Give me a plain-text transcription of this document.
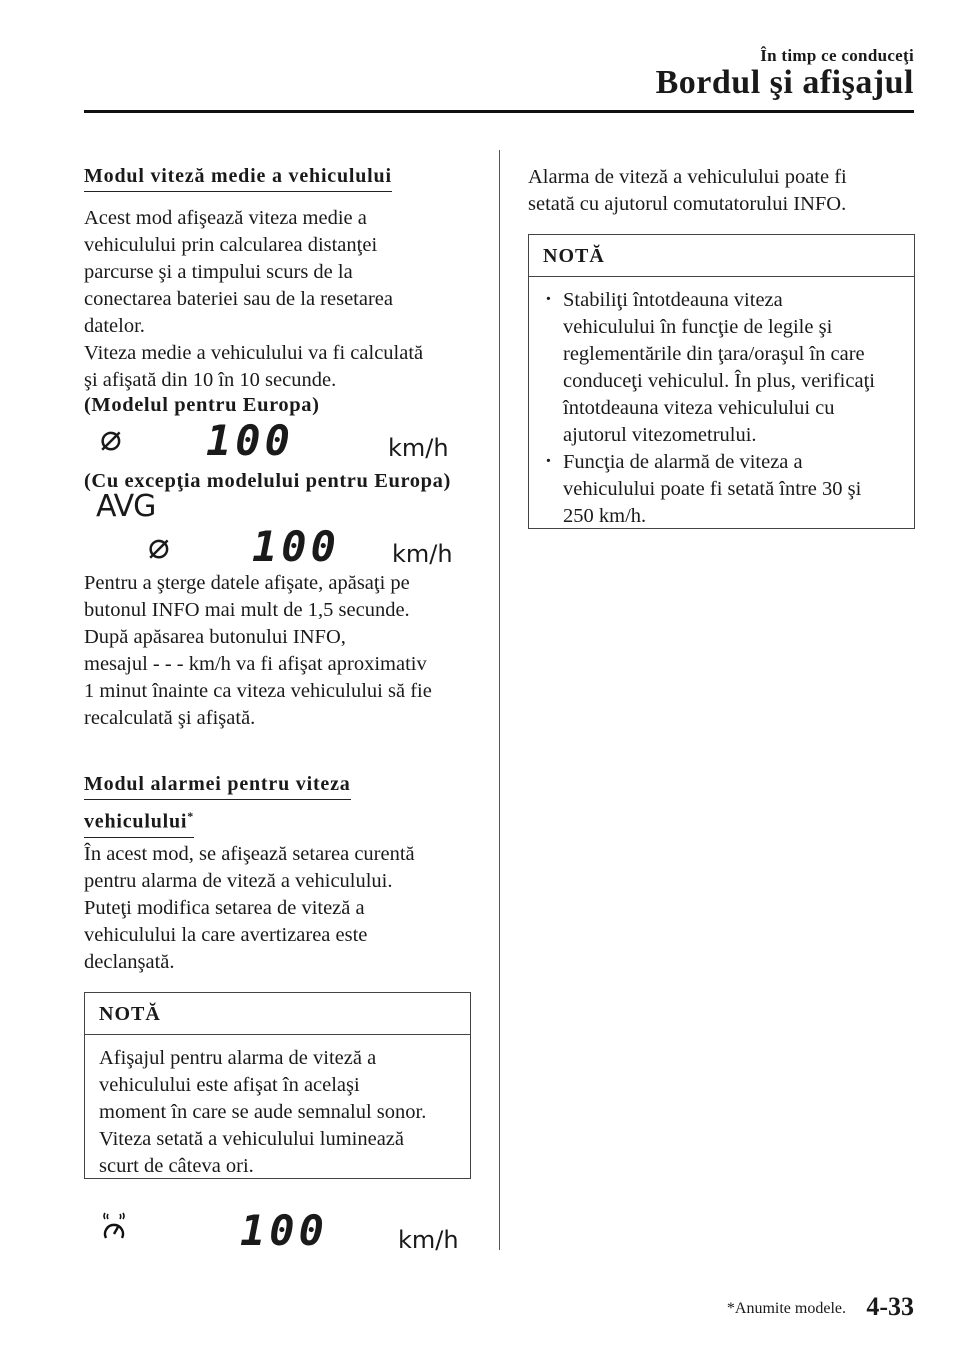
În timp ce conduceţi
Bordul şi afişajul
Modul viteză medie a vehiculului
Acest mod afişează viteza medie a
vehiculului prin calcularea distanţei
parcurse şi a timpului scurs de la
conectarea bateriei sau de la resetarea
datelor.
Viteza medie a vehiculului va fi calculată
şi afişată din 10 în 10 secunde.
(Modelul pentru Europa)
⌀ 100	km/h
(Cu excepţia modelului pentru Europa)
AVG
⌀ 100 km/h
Pentru a şterge datele afişate, apăsaţi pe
butonul INFO mai mult de 1,5 secunde.
După apăsarea butonului INFO,
mesajul - - - km/h va fi afişat aproximativ
1 minut înainte ca viteza vehiculului să fie
recalculată şi afişată.
Modul alarmei pentru viteza
vehiculului*
În acest mod, se afişează setarea curentă
pentru alarma de viteză a vehiculului.
Puteţi modifica setarea de viteză a
vehiculului la care avertizarea este
declanşată.
NOTĂ
Afişajul pentru alarma de viteză a
vehiculului este afişat în acelaşi
moment în care se aude semnalul sonor.
Viteza setată a vehiculului luminează
scurt de câteva ori.
100	km/h
Alarma de viteză a vehiculului poate fi
setată cu ajutorul comutatorului INFO.
NOTĂ
· Stabiliţi întotdeauna viteza
vehiculului în funcţie de legile şi
reglementările din ţara/oraşul în care
conduceţi vehiculul. În plus, verificaţi
întotdeauna viteza vehiculului cu
ajutorul vitezometrului.
· Funcţia de alarmă de viteza a
vehiculului poate fi setată între 30 şi
250 km/h.
*Anumite modele. 4-33
